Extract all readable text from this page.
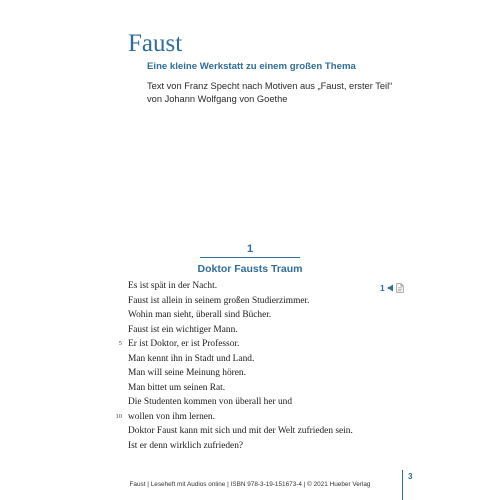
Faust

Eine kleine Werkstatt zu einem großen Thema

Text von Franz Specht nach Motiven aus „Faust, erster Teil“
von Johann Wolfgang von Goethe

1
Doktor Fausts Traum
1
Es ist spät in der Nacht.
Faust ist allein in seinem großen Studierzimmer.
Wohin man sieht, überall sind Bücher.
Faust ist ein wichtiger Mann.
5 Er ist Doktor, er ist Professor.
Man kennt ihn in Stadt und Land.
Man will seine Meinung hören.
Man bittet um seinen Rat.
Die Studenten kommen von überall her und
10 wollen von ihm lernen.
Doktor Faust kann mit sich und mit der Welt zufrieden sein.
Ist er denn wirklich zufrieden?
Faust | Leseheft mit Audios online | ISBN 978-3-19-151673-4 | © 2021 Hueber Verlag
3
